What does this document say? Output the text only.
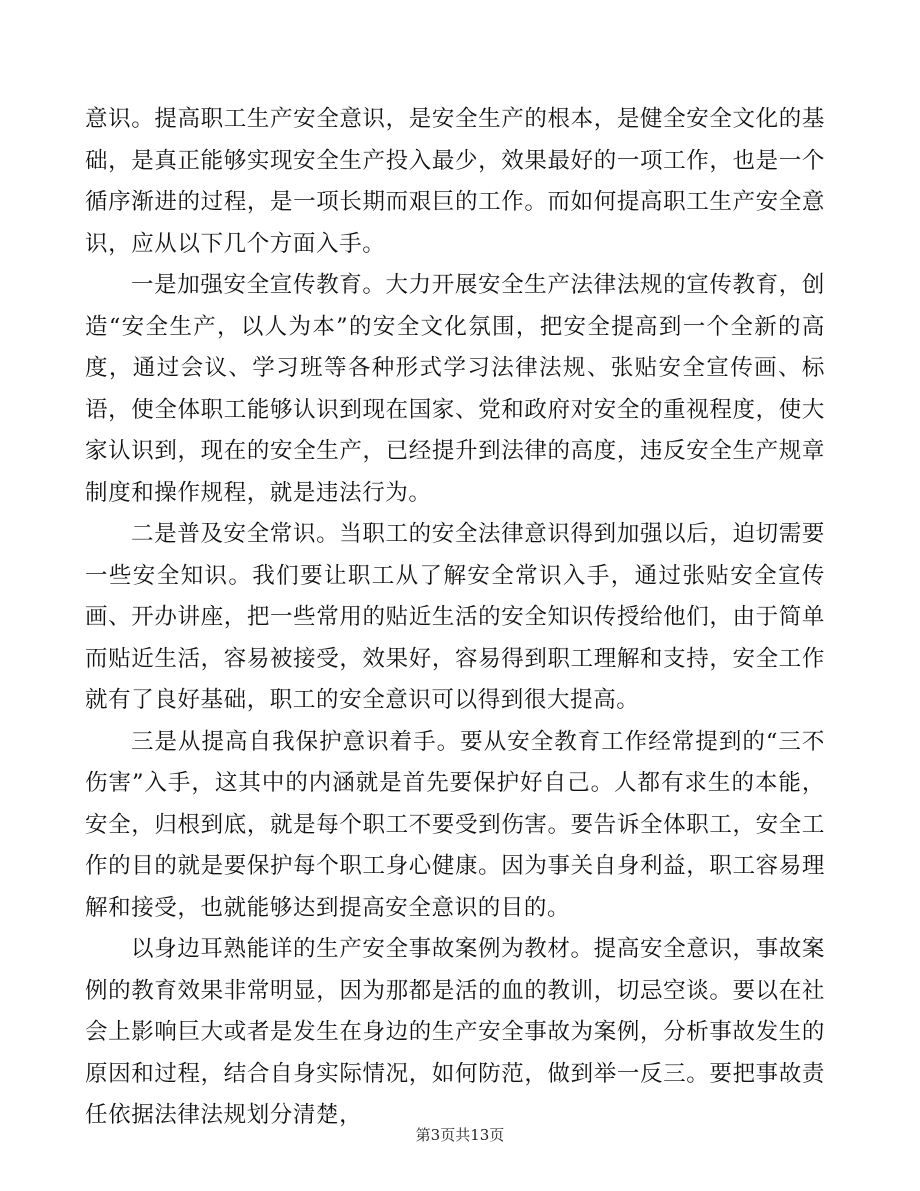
意识。提高职工生产安全意识，是安全生产的根本，是健全安全文化的基础，是真正能够实现安全生产投入最少，效果最好的一项工作，也是一个循序渐进的过程，是一项长期而艰巨的工作。而如何提高职工生产安全意识，应从以下几个方面入手。

一是加强安全宣传教育。大力开展安全生产法律法规的宣传教育，创造“安全生产，以人为本”的安全文化氛围，把安全提高到一个全新的高度，通过会议、学习班等各种形式学习法律法规、张贴安全宣传画、标语，使全体职工能够认识到现在国家、党和政府对安全的重视程度，使大家认识到，现在的安全生产，已经提升到法律的高度，违反安全生产规章制度和操作规程，就是违法行为。

二是普及安全常识。当职工的安全法律意识得到加强以后，迫切需要一些安全知识。我们要让职工从了解安全常识入手，通过张贴安全宣传画、开办讲座，把一些常用的贴近生活的安全知识传授给他们，由于简单而贴近生活，容易被接受，效果好，容易得到职工理解和支持，安全工作就有了良好基础，职工的安全意识可以得到很大提高。

三是从提高自我保护意识着手。要从安全教育工作经常提到的“三不伤害”入手，这其中的内涵就是首先要保护好自己。人都有求生的本能，安全，归根到底，就是每个职工不要受到伤害。要告诉全体职工，安全工作的目的就是要保护每个职工身心健康。因为事关自身利益，职工容易理解和接受，也就能够达到提高安全意识的目的。

以身边耳熟能详的生产安全事故案例为教材。提高安全意识，事故案例的教育效果非常明显，因为那都是活的血的教训，切忌空谈。要以在社会上影响巨大或者是发生在身边的生产安全事故为案例，分析事故发生的原因和过程，结合自身实际情况，如何防范，做到举一反三。要把事故责任依据法律法规划分清楚，

第3页共13页
